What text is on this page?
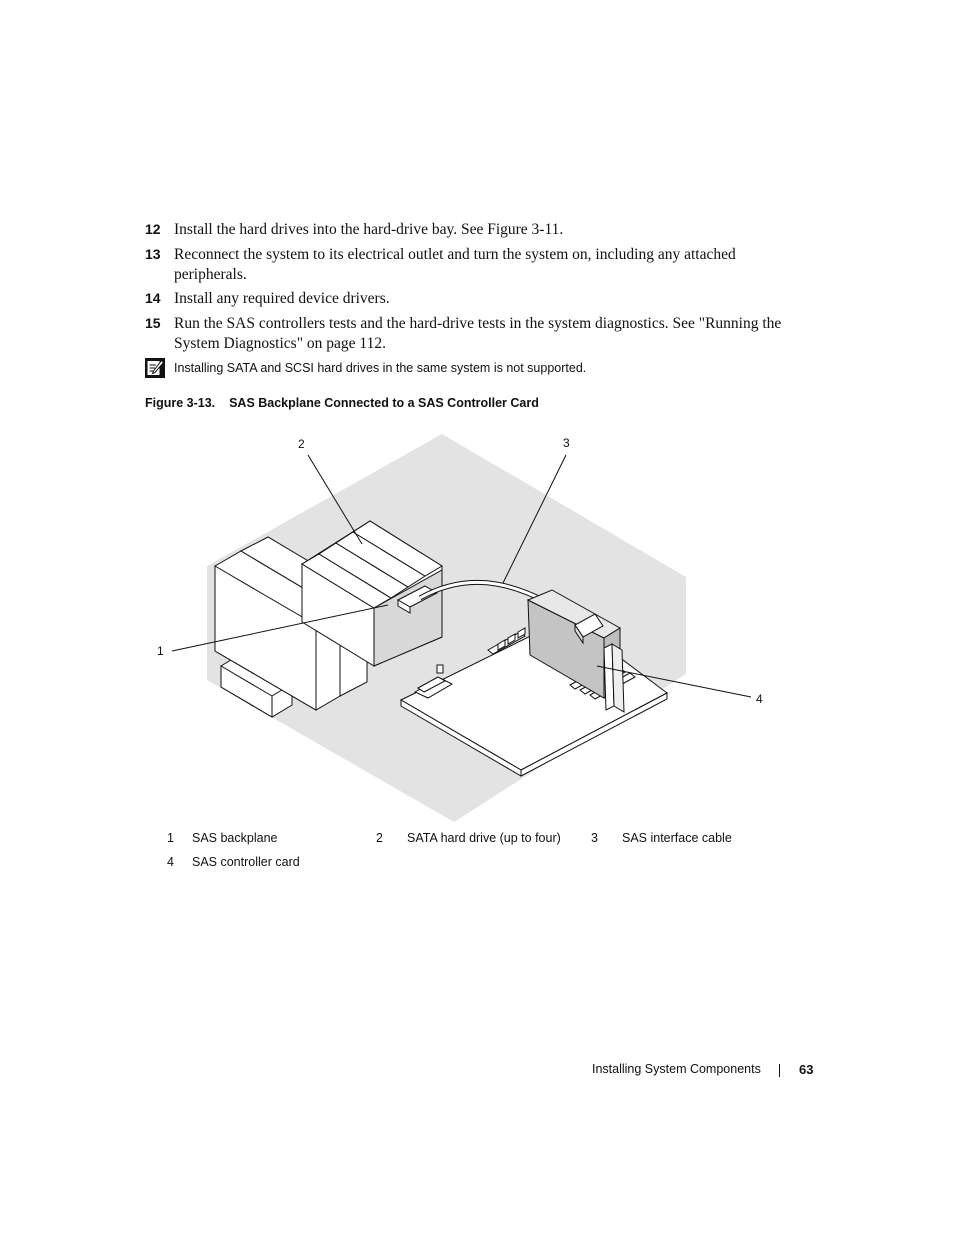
12 Install the hard drives into the hard-drive bay. See Figure 3-11.
13 Reconnect the system to its electrical outlet and turn the system on, including any attached peripherals.
14 Install any required device drivers.
15 Run the SAS controllers tests and the hard-drive tests in the system diagnostics. See "Running the System Diagnostics" on page 112.
Installing SATA and SCSI hard drives in the same system is not supported.
Figure 3-13. SAS Backplane Connected to a SAS Controller Card
2	3
1
4
1 SAS backplane	2 SATA hard drive (up to four) 3 SAS interface cable
4 SAS controller card
Installing System Components	63
